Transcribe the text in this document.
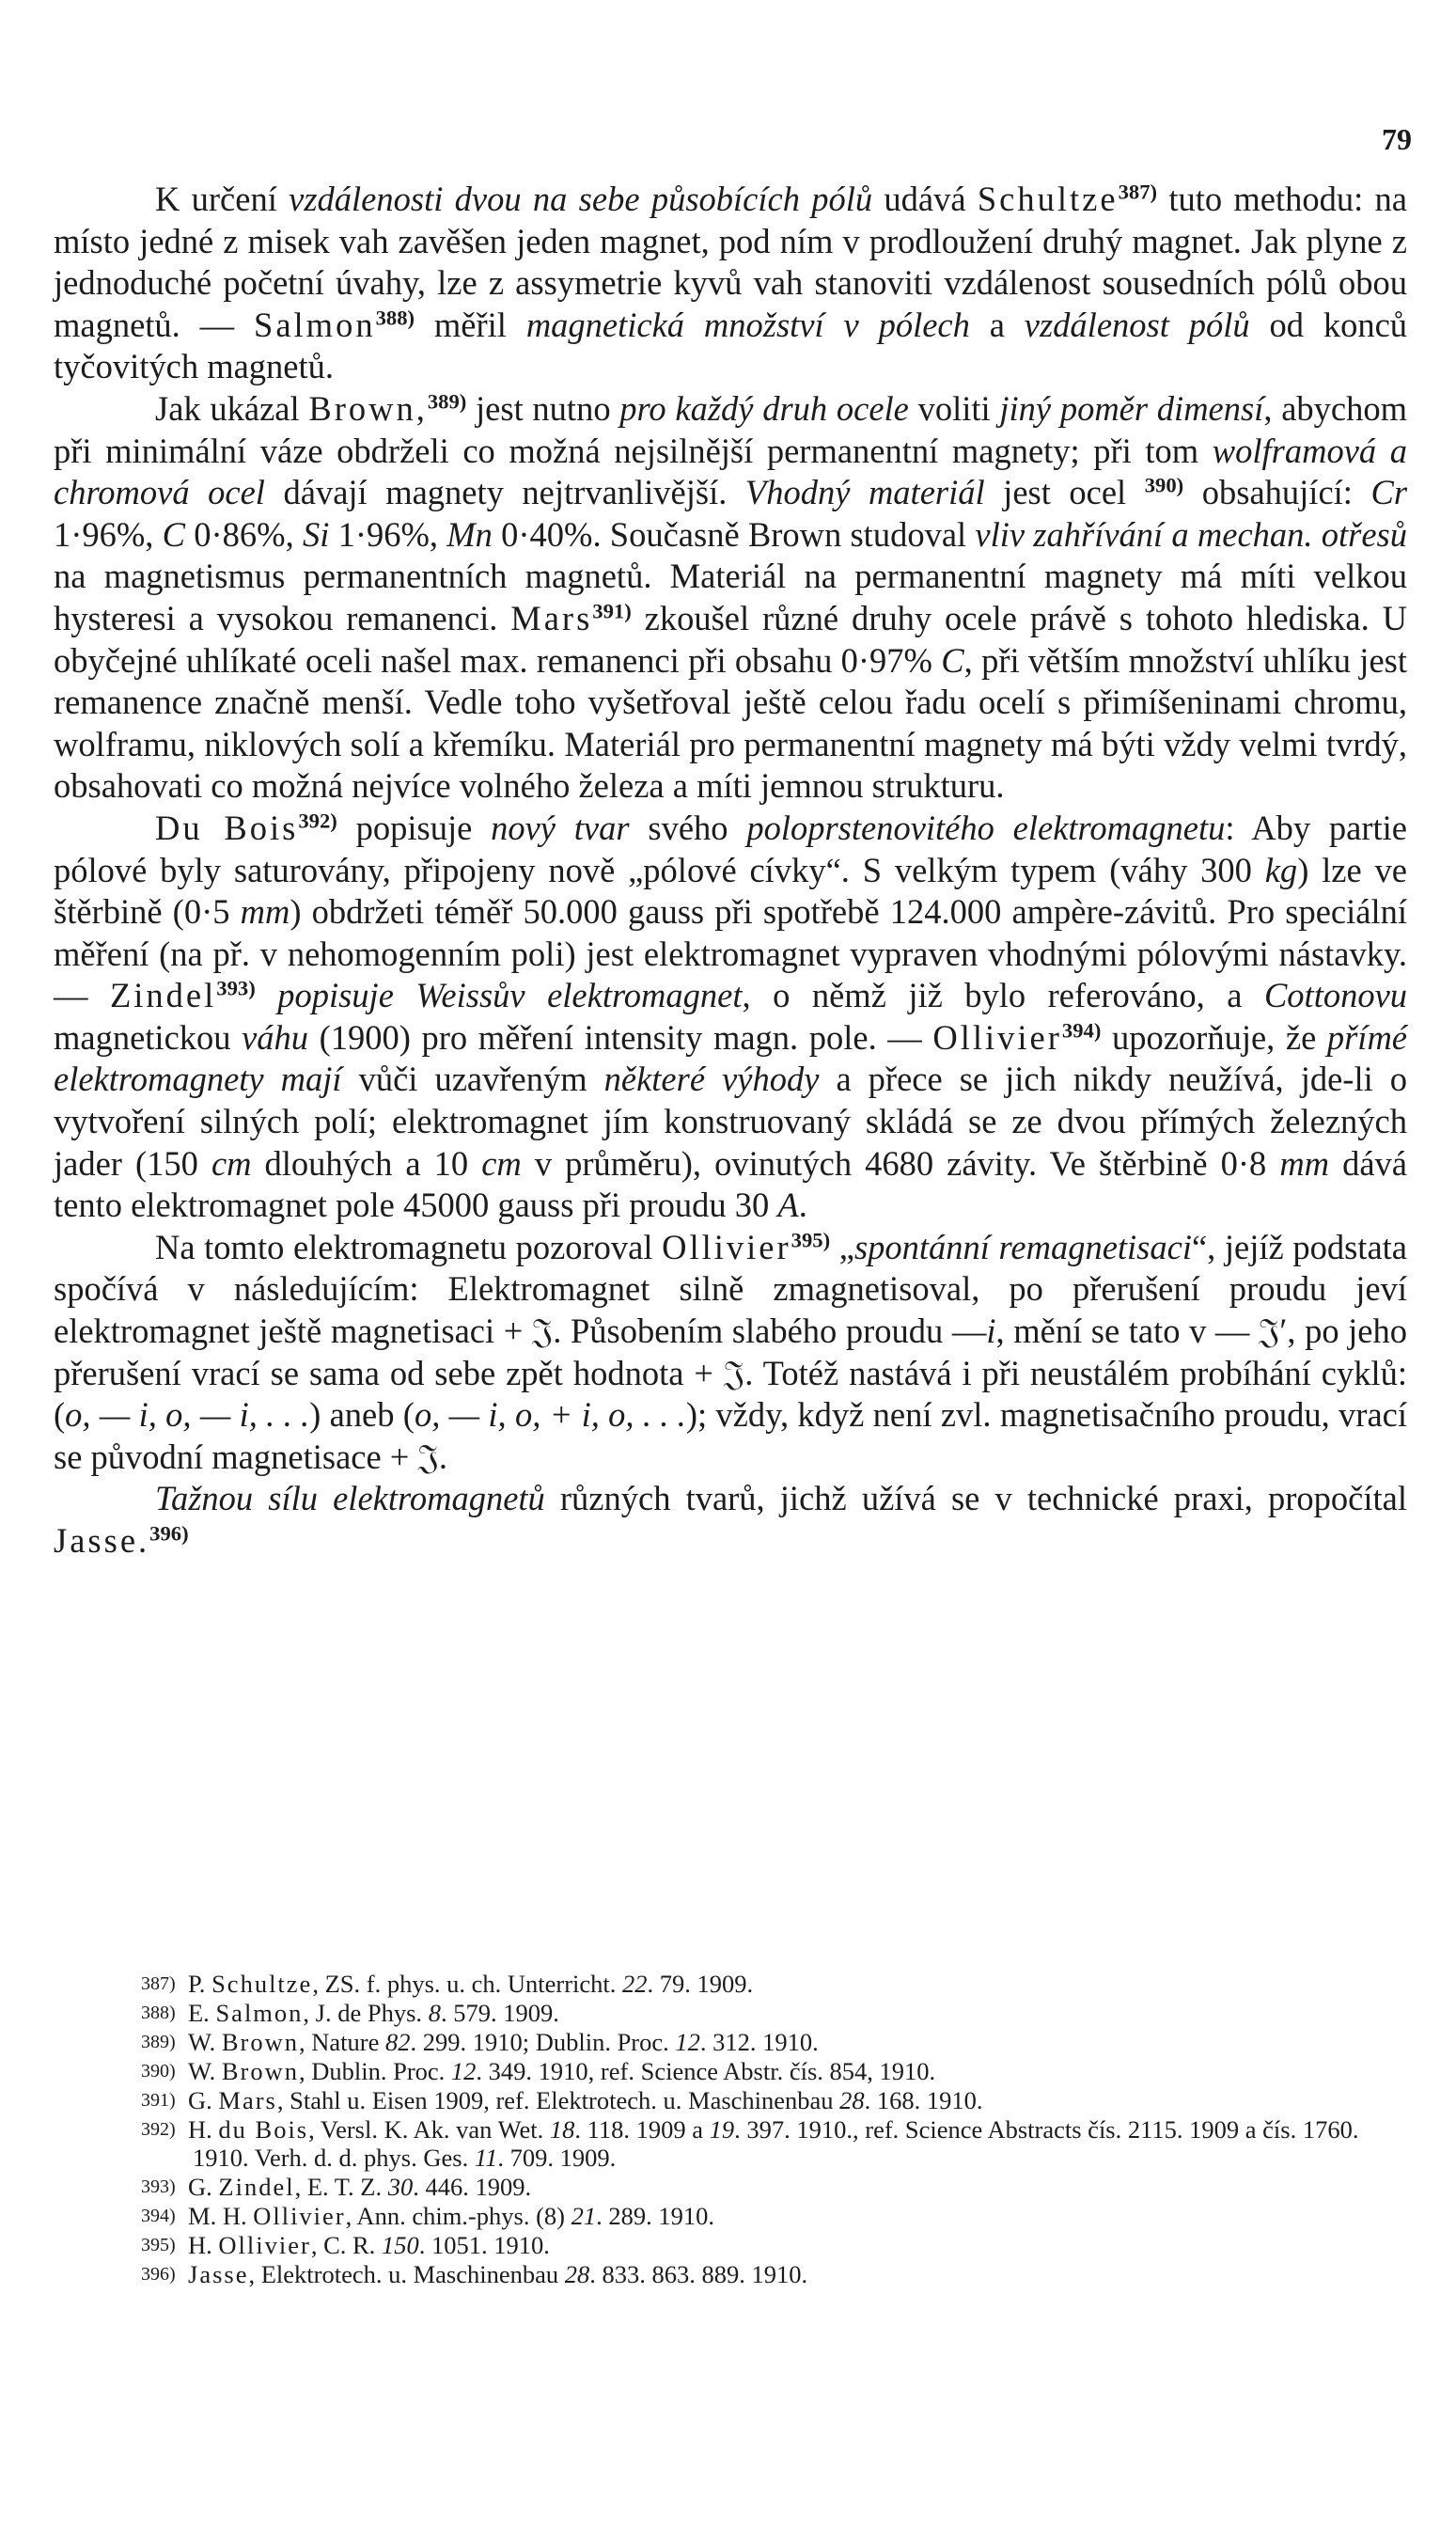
79

K určení vzdálenosti dvou na sebe působících pólů udává Schultze$^{387)}$ tuto methodu: na místo jedné z misek vah zavěšen jeden magnet, pod ním v prodloužení druhý magnet. Jak plyne z jednoduché početní úvahy, lze z assymetrie kyvů vah stanoviti vzdálenost sousedních pólů obou magnetů. — Salmon$^{388)}$ měřil magnetická množství v pólech a vzdálenost pólů od konců tyčovitých magnetů.

Jak ukázal Brown,$^{389)}$ jest nutno pro každý druh ocele voliti jiný poměr dimensí, abychom při minimální váze obdrželi co možná nejsilnější permanentní magnety; při tom wolframová a chromová ocel dávají magnety nejtrvanlivější. Vhodný materiál jest ocel $^{390)}$ obsahující: Cr 1·96%, C 0·86%, Si 1·96%, Mn 0·40%. Současně Brown studoval vliv zahřívání a mechan. otřesů na magnetismus permanentních magnetů. Materiál na permanentní magnety má míti velkou hysteresi a vysokou remanenci. Mars$^{391)}$ zkoušel různé druhy ocele právě s tohoto hlediska. U obyčejné uhlíkaté oceli našel max. remanenci při obsahu 0·97% C, při větším množství uhlíku jest remanence značně menší. Vedle toho vyšetřoval ještě celou řadu ocelí s přimíšeninami chromu, wolframu, niklových solí a křemíku. Materiál pro permanentní magnety má býti vždy velmi tvrdý, obsahovati co možná nejvíce volného železa a míti jemnou strukturu.

Du Bois$^{392)}$ popisuje nový tvar svého poloprstenovitého elektromagnetu: Aby partie pólové byly saturovány, připojeny nově „pólové cívky“. S velkým typem (váhy 300 kg) lze ve štěrbině (0·5 mm) obdržeti téměř 50.000 gauss při spotřebě 124.000 ampère-závitů. Pro speciální měření (na př. v nehomogenním poli) jest elektromagnet vypraven vhodnými pólovými nástavky. — Zindel$^{393)}$ popisuje Weissův elektromagnet, o němž již bylo referováno, a Cottonovu magnetickou váhu (1900) pro měření intensity magn. pole. — Ollivier$^{394)}$ upozorňuje, že přímé elektromagnety mají vůči uzavřeným některé výhody a přece se jich nikdy neužívá, jde-li o vytvoření silných polí; elektromagnet jím konstruovaný skládá se ze dvou přímých železných jader (150 cm dlouhých a 10 cm v průměru), ovinutých 4680 závity. Ve štěrbině 0·8 mm dává tento elektromagnet pole 45000 gauss při proudu 30 A.

Na tomto elektromagnetu pozoroval Ollivier$^{395)}$ „spontánní remagnetisaci“, jejíž podstata spočívá v následujícím: Elektromagnet silně zmagnetisoval, po přerušení proudu jeví elektromagnet ještě magnetisaci + 𝔍. Působením slabého proudu —i, mění se tato v — 𝔍′, po jeho přerušení vrací se sama od sebe zpět hodnota + 𝔍. Totéž nastává i při neustálém probíhání cyklů: (o, — i, o, — i, . . .) aneb (o, — i, o, + i, o, . . .); vždy, když není zvl. magnetisačního proudu, vrací se původní magnetisace + 𝔍.

Tažnou sílu elektromagnetů různých tvarů, jichž užívá se v technické praxi, propočítal Jasse.$^{396)}$

387) P. Schultze, ZS. f. phys. u. ch. Unterricht. 22. 79. 1909.

388) E. Salmon, J. de Phys. 8. 579. 1909.

389) W. Brown, Nature 82. 299. 1910; Dublin. Proc. 12. 312. 1910.

390) W. Brown, Dublin. Proc. 12. 349. 1910, ref. Science Abstr. čís. 854, 1910.

391) G. Mars, Stahl u. Eisen 1909, ref. Elektrotech. u. Maschinenbau 28. 168. 1910.

392) H. du Bois, Versl. K. Ak. van Wet. 18. 118. 1909 a 19. 397. 1910., ref. Science Abstracts čís. 2115. 1909 a čís. 1760. 1910. Verh. d. d. phys. Ges. 11. 709. 1909.

393) G. Zindel, E. T. Z. 30. 446. 1909.

394) M. H. Ollivier, Ann. chim.-phys. (8) 21. 289. 1910.

395) H. Ollivier, C. R. 150. 1051. 1910.

396) Jasse, Elektrotech. u. Maschinenbau 28. 833. 863. 889. 1910.
